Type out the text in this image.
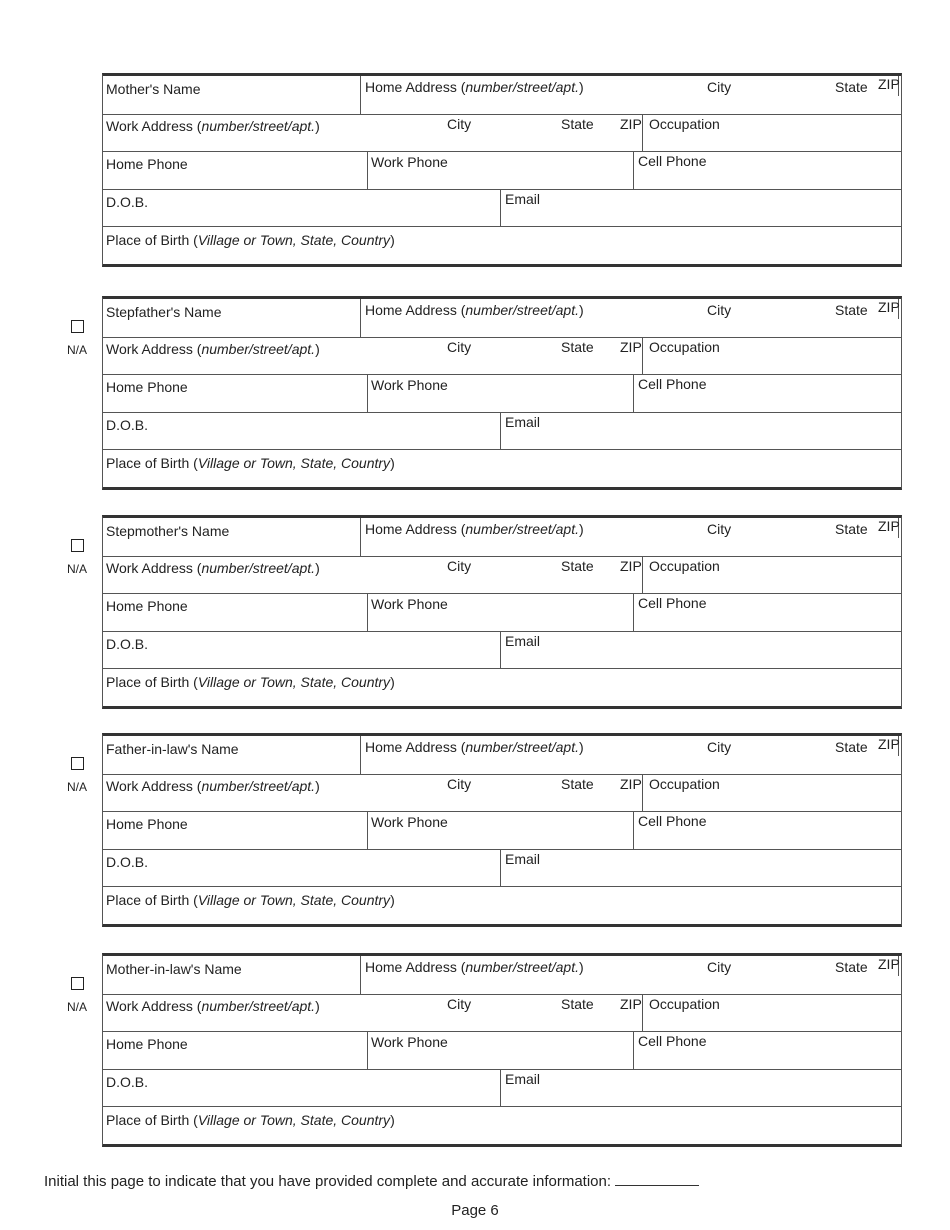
Mother's Name	Home Address (number/street/apt.)	City	State ZIP
Work Address (number/street/apt.)	City	State ZIP Occupation
Home Phone	Work Phone	Cell Phone
D.O.B.	Email
Place of Birth (Village or Town, State, Country)
Stepfather's Name	Home Address (number/street/apt.)	City	State ZIP
Work Address (number/street/apt.)	City	State ZIP Occupation
Home Phone	Work Phone	Cell Phone
D.O.B.	Email
Place of Birth (Village or Town, State, Country)
N/A
Stepmother's Name	Home Address (number/street/apt.)	City	State ZIP
Work Address (number/street/apt.)	City	State ZIP Occupation
Home Phone	Work Phone	Cell Phone
D.O.B.	Email
Place of Birth (Village or Town, State, Country)
N/A
Father-in-law's Name	Home Address (number/street/apt.)	City	State ZIP
Work Address (number/street/apt.)	City	State ZIP Occupation
Home Phone	Work Phone	Cell Phone
D.O.B.	Email
Place of Birth (Village or Town, State, Country)
N/A
Mother-in-law's Name	Home Address (number/street/apt.)	City	State ZIP
Work Address (number/street/apt.)	City	State ZIP Occupation
Home Phone	Work Phone	Cell Phone
D.O.B.	Email
Place of Birth (Village or Town, State, Country)
N/A
Initial this page to indicate that you have provided complete and accurate information:
Page 6
